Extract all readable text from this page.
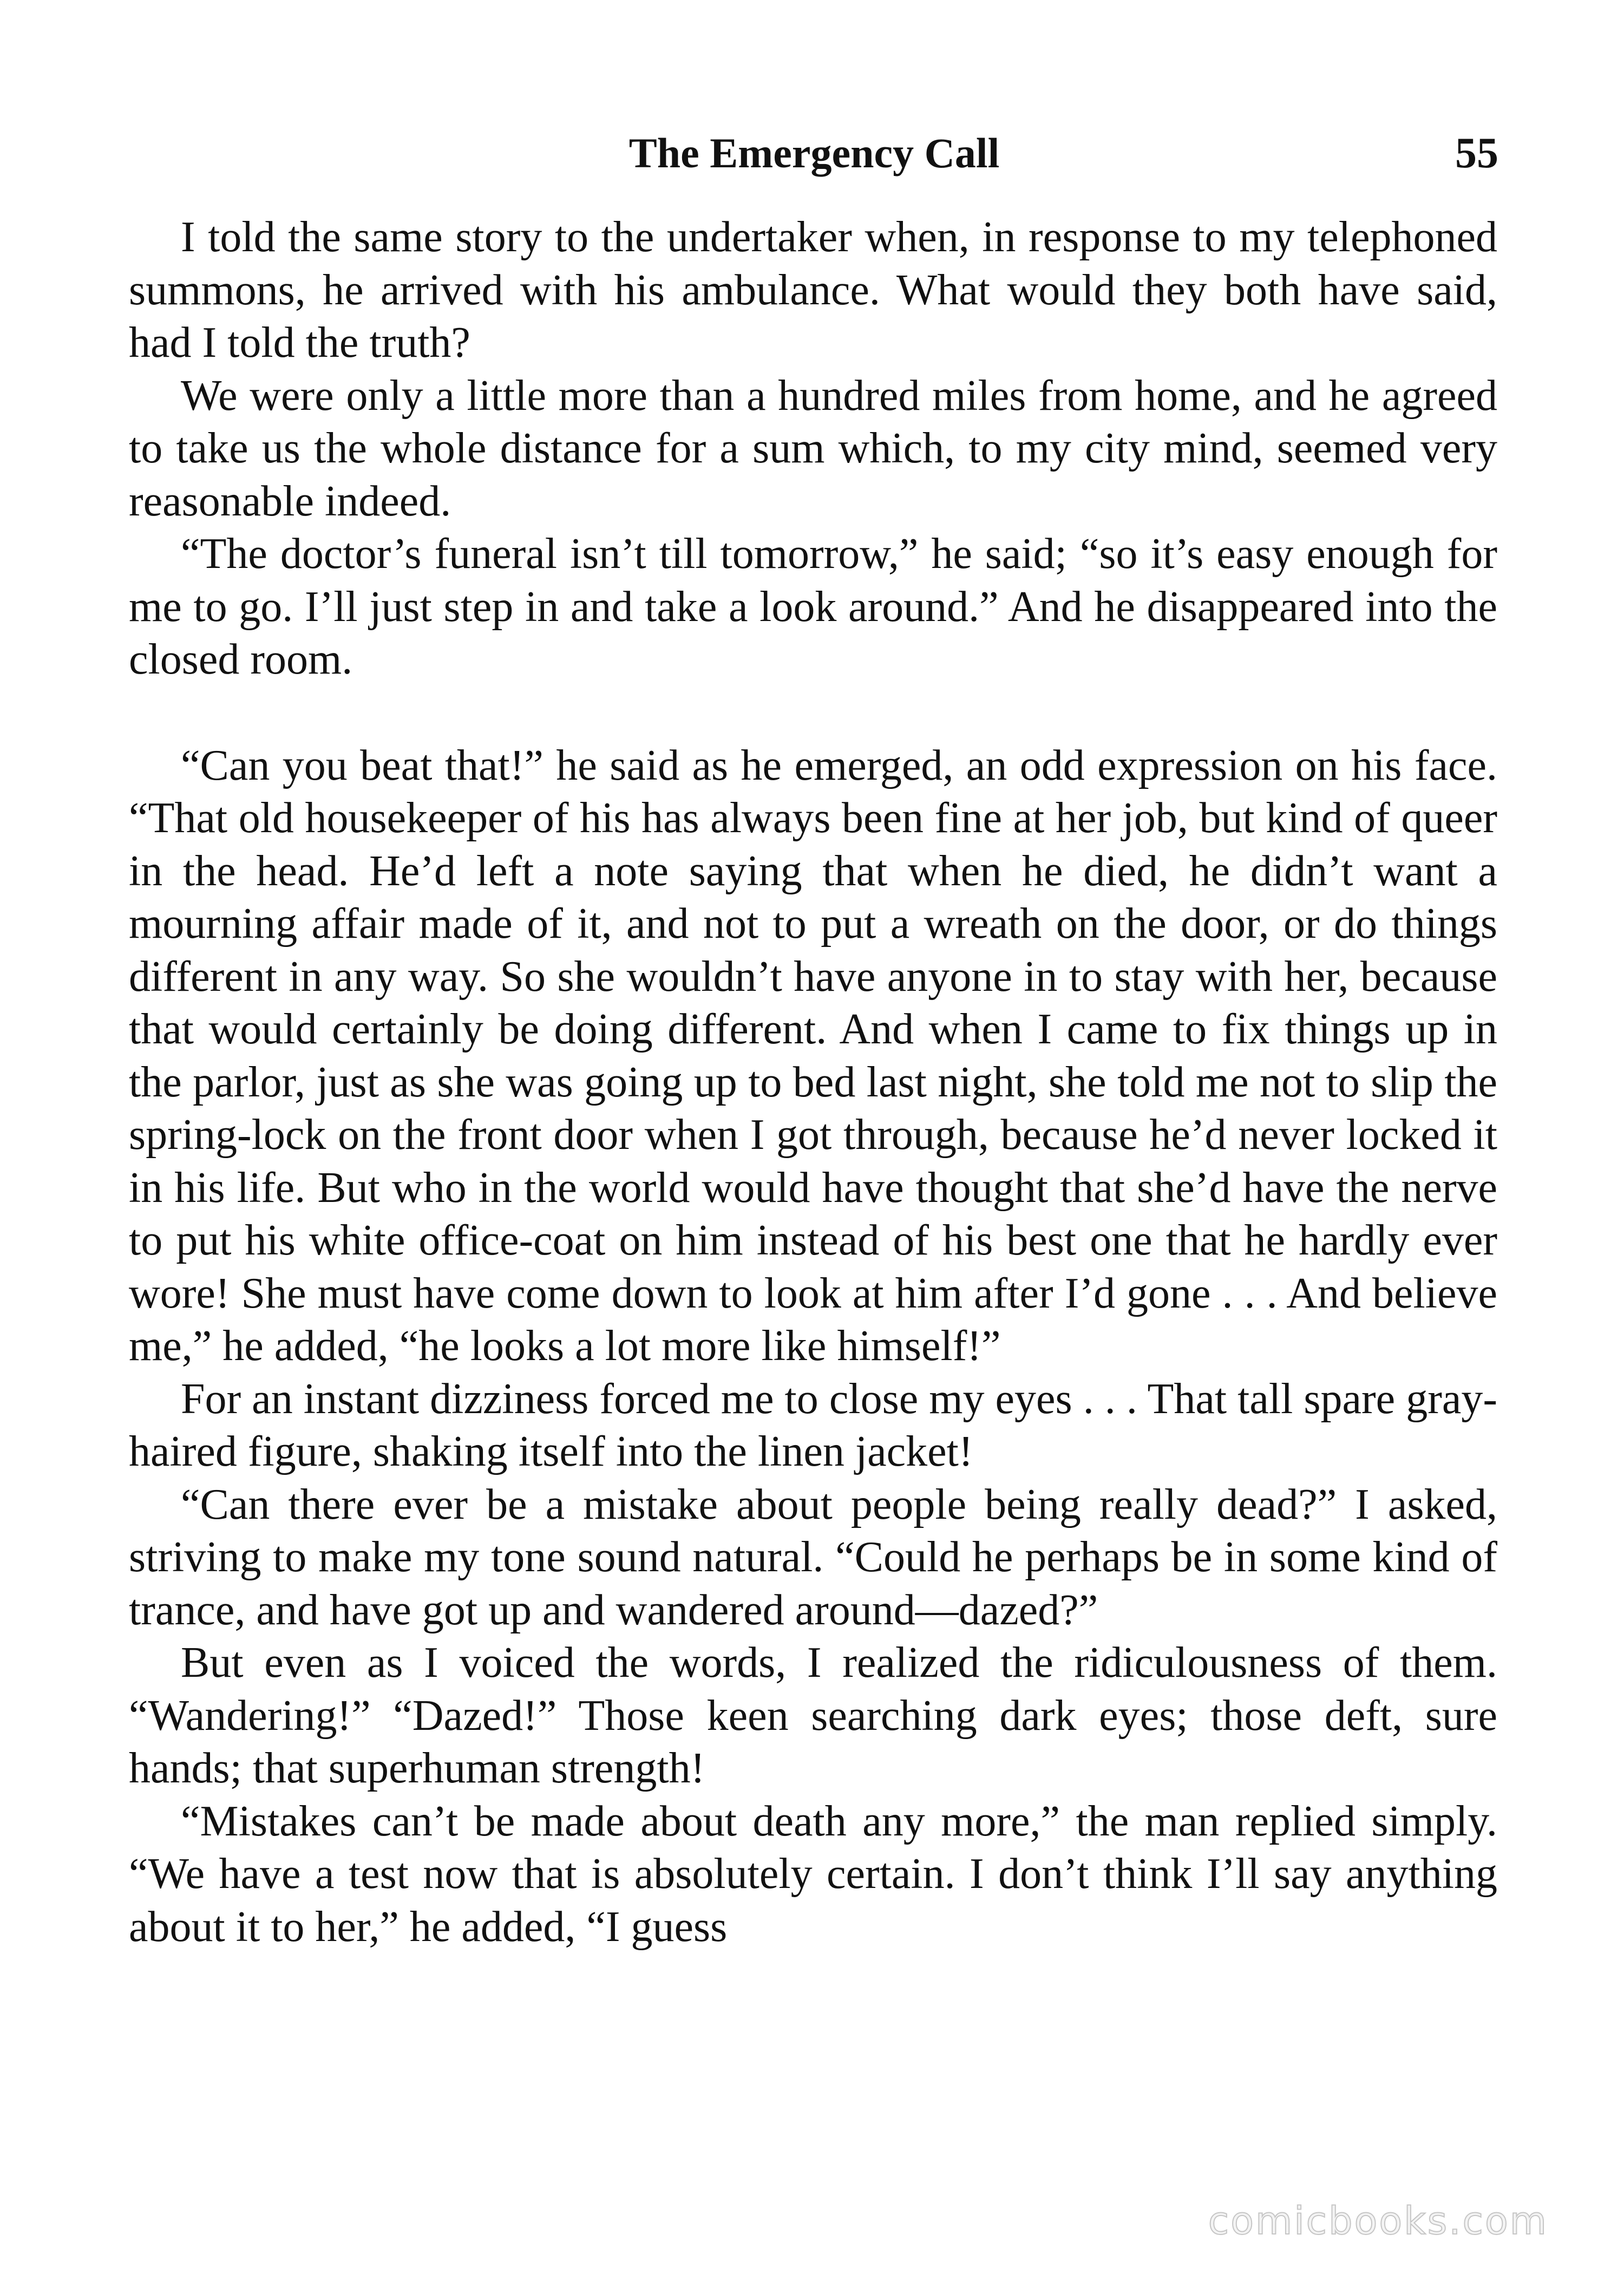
The Emergency Call	55

I told the same story to the undertaker when, in response to my telephoned summons, he arrived with his ambulance. What would they both have said, had I told the truth?

We were only a little more than a hundred miles from home, and he agreed to take us the whole distance for a sum which, to my city mind, seemed very reasonable indeed.

“The doctor’s funeral isn’t till tomorrow,” he said; “so it’s easy enough for me to go. I’ll just step in and take a look around.” And he disappeared into the closed room.

“Can you beat that!” he said as he emerged, an odd expression on his face. “That old housekeeper of his has always been fine at her job, but kind of queer in the head. He’d left a note saying that when he died, he didn’t want a mourning affair made of it, and not to put a wreath on the door, or do things different in any way. So she wouldn’t have anyone in to stay with her, because that would certainly be doing different. And when I came to fix things up in the parlor, just as she was going up to bed last night, she told me not to slip the spring-lock on the front door when I got through, because he’d never locked it in his life. But who in the world would have thought that she’d have the nerve to put his white office-coat on him instead of his best one that he hardly ever wore! She must have come down to look at him after I’d gone . . . And believe me,” he added, “he looks a lot more like himself!”

For an instant dizziness forced me to close my eyes . . . That tall spare gray-haired figure, shaking itself into the linen jacket!

“Can there ever be a mistake about people being really dead?” I asked, striving to make my tone sound natural. “Could he perhaps be in some kind of trance, and have got up and wandered around—dazed?”

But even as I voiced the words, I realized the ridiculousness of them. “Wandering!” “Dazed!” Those keen searching dark eyes; those deft, sure hands; that superhuman strength!

“Mistakes can’t be made about death any more,” the man replied simply. “We have a test now that is absolutely certain. I don’t think I’ll say anything about it to her,” he added, “I guess

comicbooks.com
